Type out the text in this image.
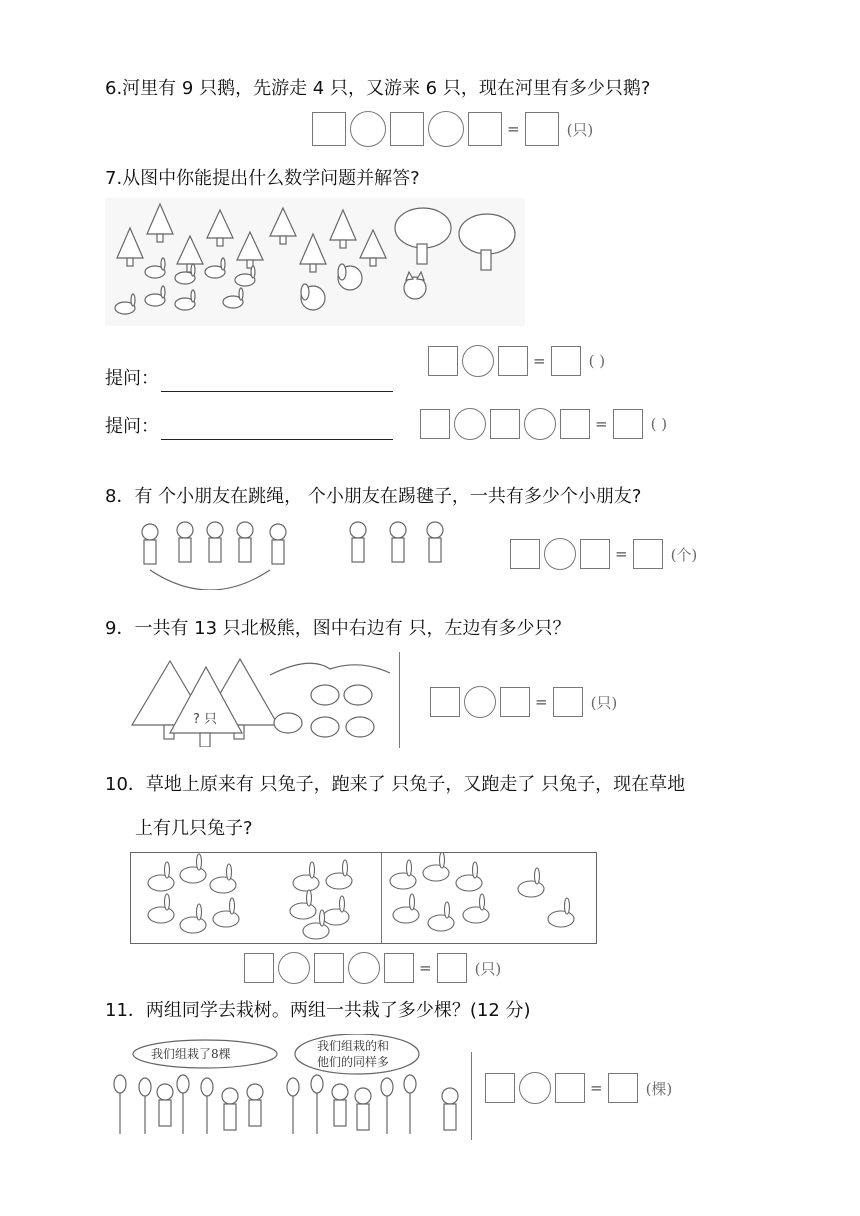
6.河里有 9 只鹅，先游走 4 只，又游来 6 只，现在河里有多少只鹅?
=	(只)
7.从图中你能提出什么数学问题并解答?
提问：
=	( )
提问：	=	( )
8．有 个小朋友在跳绳， 个小朋友在踢毽子，一共有多少个小朋友?
=	(个)
9．一共有 13 只北极熊，图中右边有 只，左边有多少只？
? 只
=	(只)
10．草地上原来有 只兔子，跑来了 只兔子，又跑走了 只兔子，现在草地
上有几只兔子?
=	(只)
11．两组同学去栽树。两组一共栽了多少棵？(12 分)
我们组栽了8棵
我们组栽的和
他们的同样多
=	(棵)
